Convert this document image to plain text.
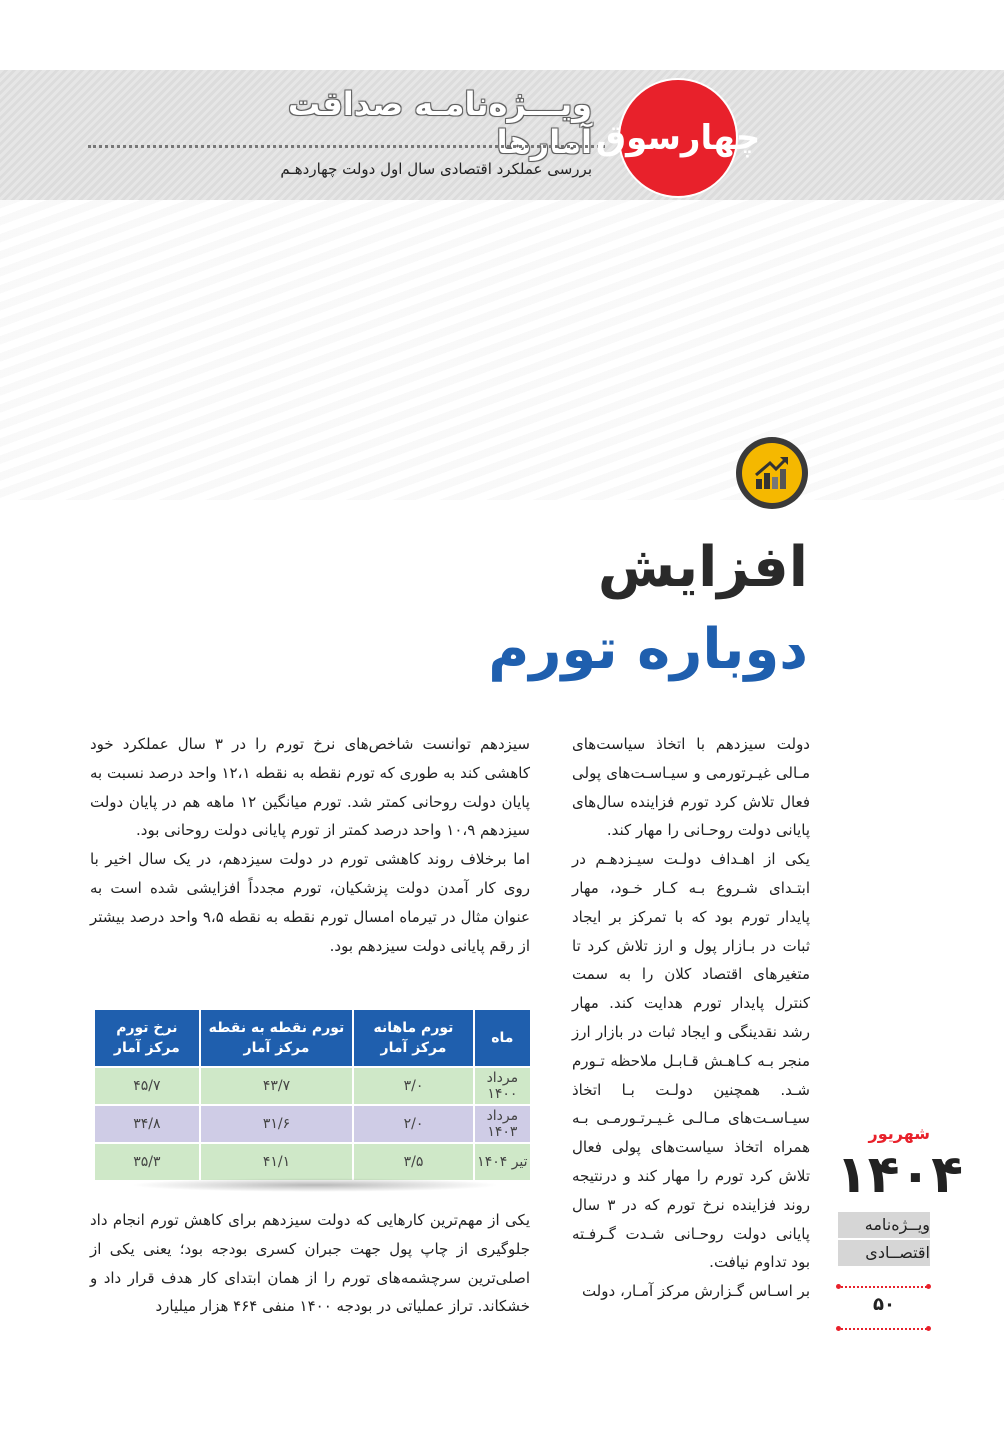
ویـــژه‌نامـه صداقت آمارها
بررسی عملکرد اقتصادی سال اول دولت چهاردهـم
چهارسوق
افزایش
دوباره تورم

دولت سیزدهم با اتخاذ سیاست‌های مـالی غیـرتورمی و سیـاسـت‌های پولی فعال تلاش کرد تورم فزاینده سال‌های پایانی دولت روحـانی را مهار کند.

یکی از اهـداف دولـت سیـزدهـم در ابتـدای شـروع بـه کـار خـود، مهار پایدار تورم بود که با تمرکز بر ایجاد ثبات در بـازار پول و ارز تلاش کرد تا متغیرهای اقتصاد کلان را به سمت کنترل پایدار تورم هدایت کند. مهار رشد نقدینگی و ایجاد ثبات در بازار ارز منجر بـه کـاهـش قـابـل ملاحظه تـورم شـد. همچنین دولـت بـا اتخاذ سیـاسـت‌های مـالـی غـیـرتـورمـی بـه همراه اتخاذ سیاست‌های پولی فعال تلاش کرد تورم را مهار کند و درنتیجه روند فزاینده نرخ تورم که در ۳ سال پایانی دولت روحـانی شـدت گـرفـته بود تداوم نیافت.

بر اسـاس گـزارش مرکز آمـار، دولت

سیزدهم توانست شاخص‌های نرخ تورم را در ۳ سال عملکرد خود کاهشی کند به طوری که تورم نقطه به نقطه ۱۲،۱ واحد درصد نسبت به پایان دولت روحانی کمتر شد. تورم میانگین ۱۲ ماهه هم در پایان دولت سیزدهم ۱۰،۹ واحد درصد کمتر از تورم پایانی دولت روحانی بود.

اما برخلاف روند کاهشی تورم در دولت سیزدهم، در یک سال اخیر با روی کار آمدن دولت پزشکیان، تورم مجدداً افزایشی شده است به عنوان مثال در تیرماه امسال تورم نقطه به نقطه ۹،۵ واحد درصد بیشتر از رقم پایانی دولت سیزدهم بود.

ماه	تورم ماهانه مرکز آمار	تورم نقطه به نقطه مرکز آمار	نرخ تورم مرکز آمار
مرداد ۱۴۰۰	۳/۰	۴۳/۷	۴۵/۷
مرداد ۱۴۰۳	۲/۰	۳۱/۶	۳۴/۸
تیر ۱۴۰۴	۳/۵	۴۱/۱	۳۵/۳

یکی از مهم‌ترین کارهایی که دولت سیزدهم برای کاهش تورم انجام داد جلوگیری از چاپ پول جهت جبران کسری بودجه بود؛ یعنی یکی از اصلی‌ترین سرچشمه‌های تورم را از همان ابتدای کار هدف قرار داد و خشکاند. تراز عملیاتی در بودجه ۱۴۰۰ منفی ۴۶۴ هزار میلیارد

شهریور
۱۴۰۴
ویــژه‌نامه
اقتصــادی
۵۰
